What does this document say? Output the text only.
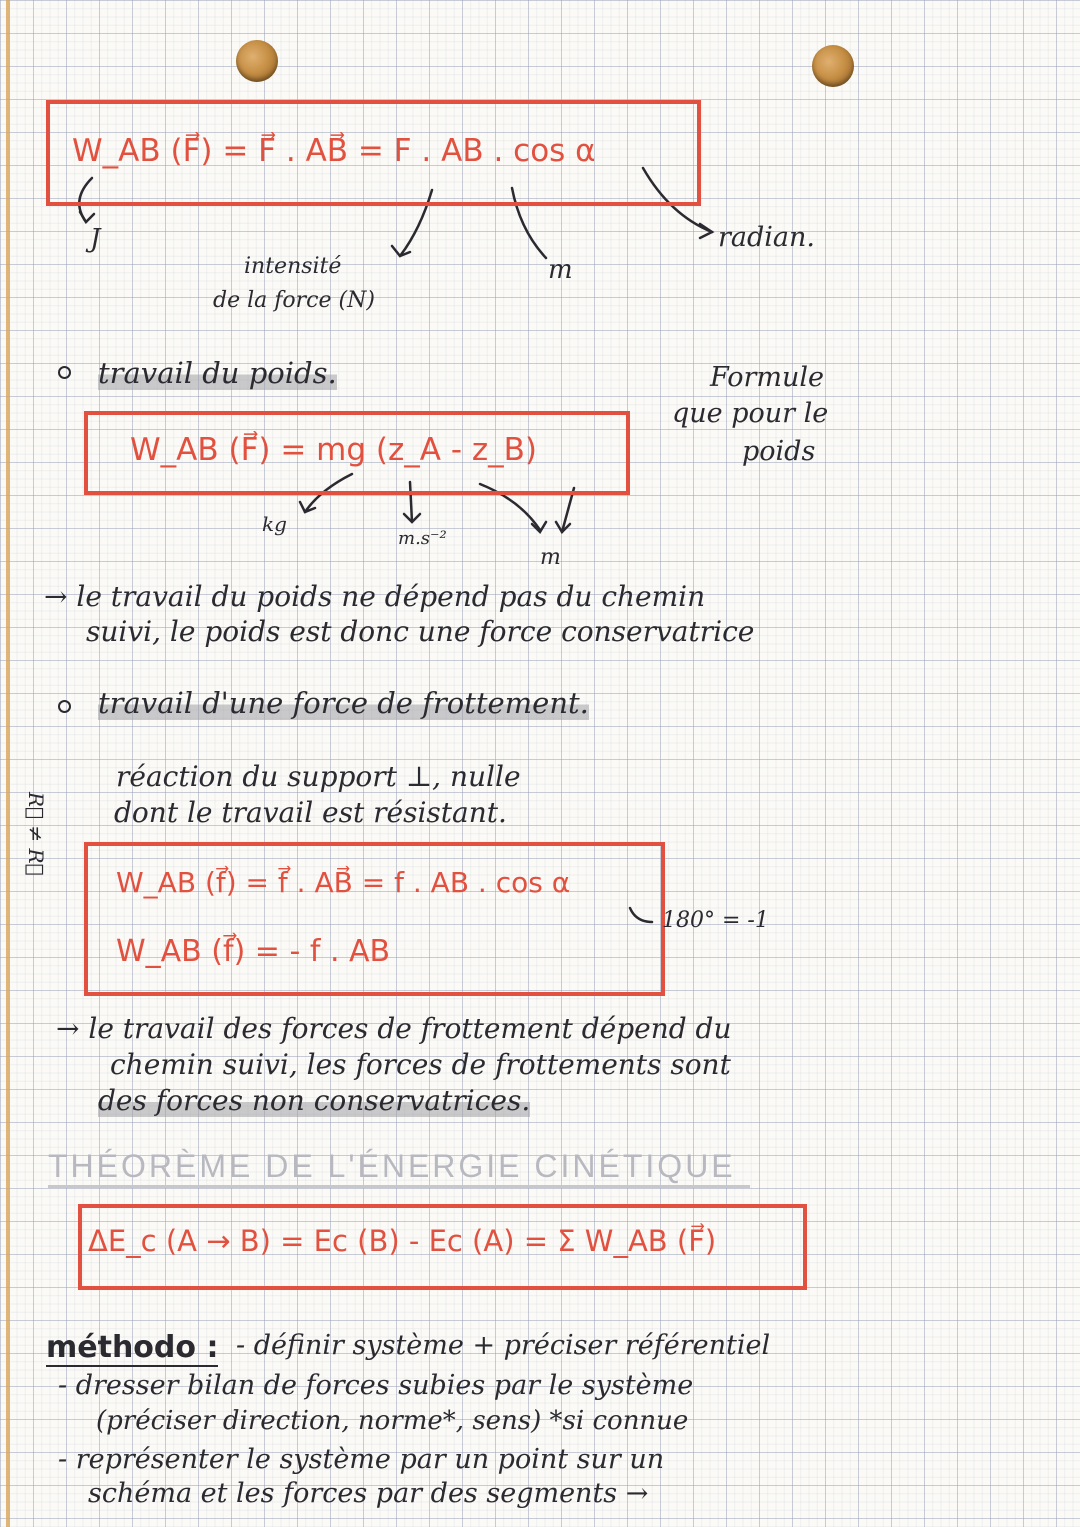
W_AB (F⃗) = F⃗ . AB⃗ = F . AB . cos α
J
intensité
de la force (N)
m
radian.
travail du poids.	Formule
que pour le
poids
W_AB (F⃗) = mg (z_A - z_B)
kg
m.s⁻²
m
→ le travail du poids ne dépend pas du chemin
suivi, le poids est donc une force conservatrice
travail d'une force de frottement.
R⃗ ≠ R⃗
réaction du support ⊥, nulle
dont le travail est résistant.
W_AB (f⃗) = f⃗ . AB⃗ = f . AB . cos α
W_AB (f⃗) = - f . AB
180° = -1
→ le travail des forces de frottement dépend du
chemin suivi, les forces de frottements sont
des forces non conservatrices.
THÉORÈME DE L'ÉNERGIE CINÉTIQUE
ΔE_c (A → B) = Ec (B) - Ec (A) = Σ W_AB (F⃗)
méthodo : - définir système + préciser référentiel
- dresser bilan de forces subies par le système
(préciser direction, norme*, sens) *si connue
- représenter le système par un point sur un
schéma et les forces par des segments →
